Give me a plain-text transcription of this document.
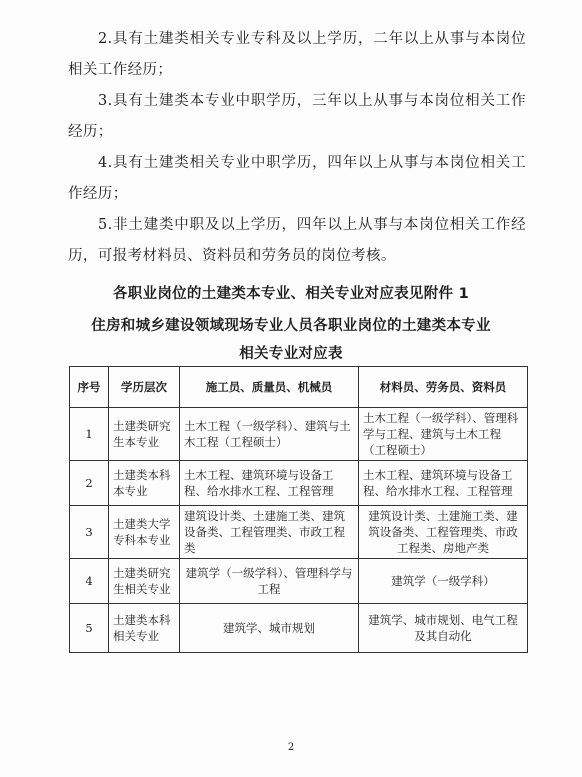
2.具有土建类相关专业专科及以上学历，二年以上从事与本岗位相关工作经历；
3.具有土建类本专业中职学历，三年以上从事与本岗位相关工作经历；
4.具有土建类相关专业中职学历，四年以上从事与本岗位相关工作经历；
5.非土建类中职及以上学历，四年以上从事与本岗位相关工作经历，可报考材料员、资料员和劳务员的岗位考核。
各职业岗位的土建类本专业、相关专业对应表见附件 1
住房和城乡建设领域现场专业人员各职业岗位的土建类本专业
相关专业对应表
序号	学历层次	施工员、质量员、机械员	材料员、劳务员、资料员
1	土建类研究生本专业	土木工程（一级学科）、建筑与土木工程（工程硕士）	土木工程（一级学科）、管理科学与工程、建筑与土木工程（工程硕士）
2	土建类本科本专业	土木工程、建筑环境与设备工程、给水排水工程、工程管理	土木工程、建筑环境与设备工程、给水排水工程、工程管理
3	土建类大学专科本专业	建筑设计类、土建施工类、建筑设备类、工程管理类、市政工程类	建筑设计类、土建施工类、建筑设备类、工程管理类、市政工程类、房地产类
4	土建类研究生相关专业	建筑学（一级学科）、管理科学与工程	建筑学（一级学科）
5	土建类本科相关专业	建筑学、城市规划	建筑学、城市规划、电气工程及其自动化
2
